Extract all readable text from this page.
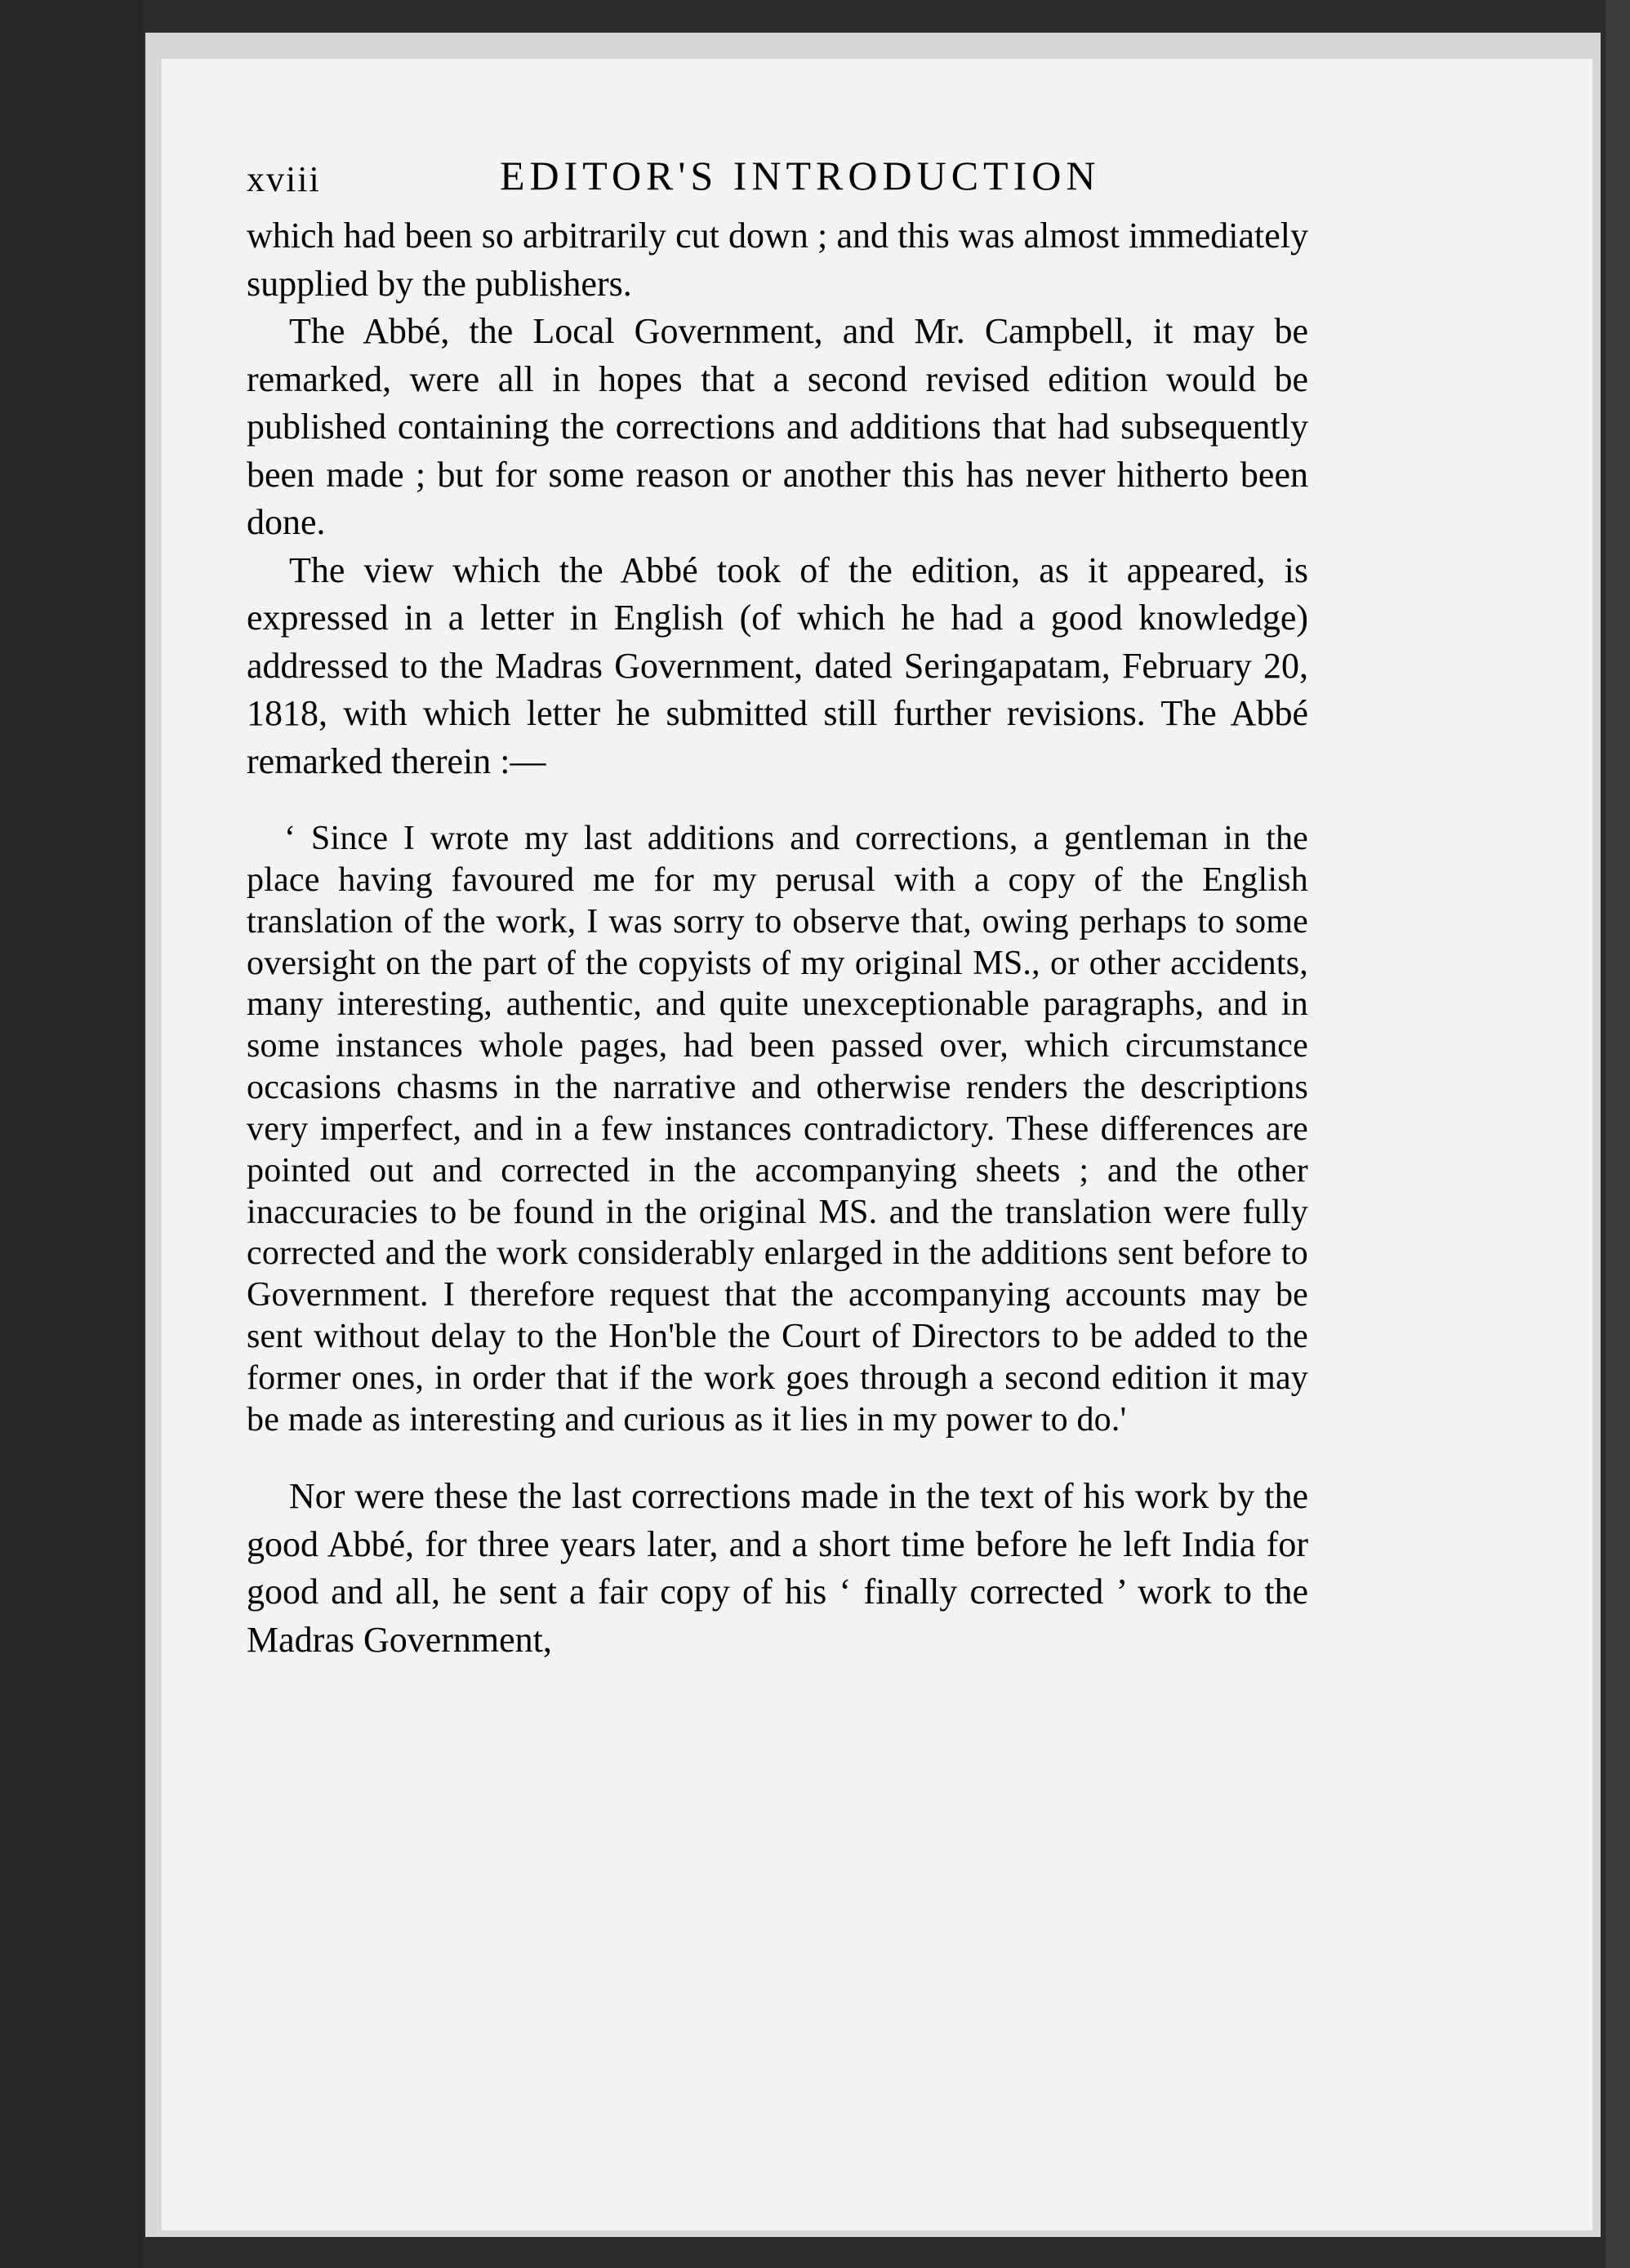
xviii	EDITOR'S INTRODUCTION

which had been so arbitrarily cut down ; and this was almost immediately supplied by the publishers.

The Abbé, the Local Government, and Mr. Campbell, it may be remarked, were all in hopes that a second revised edition would be published containing the corrections and additions that had subsequently been made ; but for some reason or another this has never hitherto been done.

The view which the Abbé took of the edition, as it appeared, is expressed in a letter in English (of which he had a good knowledge) addressed to the Madras Government, dated Seringapatam, February 20, 1818, with which letter he submitted still further revisions. The Abbé remarked therein :—

‘ Since I wrote my last additions and corrections, a gentleman in the place having favoured me for my perusal with a copy of the English translation of the work, I was sorry to observe that, owing perhaps to some oversight on the part of the copyists of my original MS., or other accidents, many interesting, authentic, and quite unexceptionable paragraphs, and in some instances whole pages, had been passed over, which circumstance occasions chasms in the narrative and otherwise renders the descriptions very imperfect, and in a few instances contradictory. These differences are pointed out and corrected in the accompanying sheets ; and the other inaccuracies to be found in the original MS. and the translation were fully corrected and the work considerably enlarged in the additions sent before to Government. I therefore request that the accompanying accounts may be sent without delay to the Hon'ble the Court of Directors to be added to the former ones, in order that if the work goes through a second edition it may be made as interesting and curious as it lies in my power to do.'

Nor were these the last corrections made in the text of his work by the good Abbé, for three years later, and a short time before he left India for good and all, he sent a fair copy of his ‘ finally corrected ’ work to the Madras Government,
